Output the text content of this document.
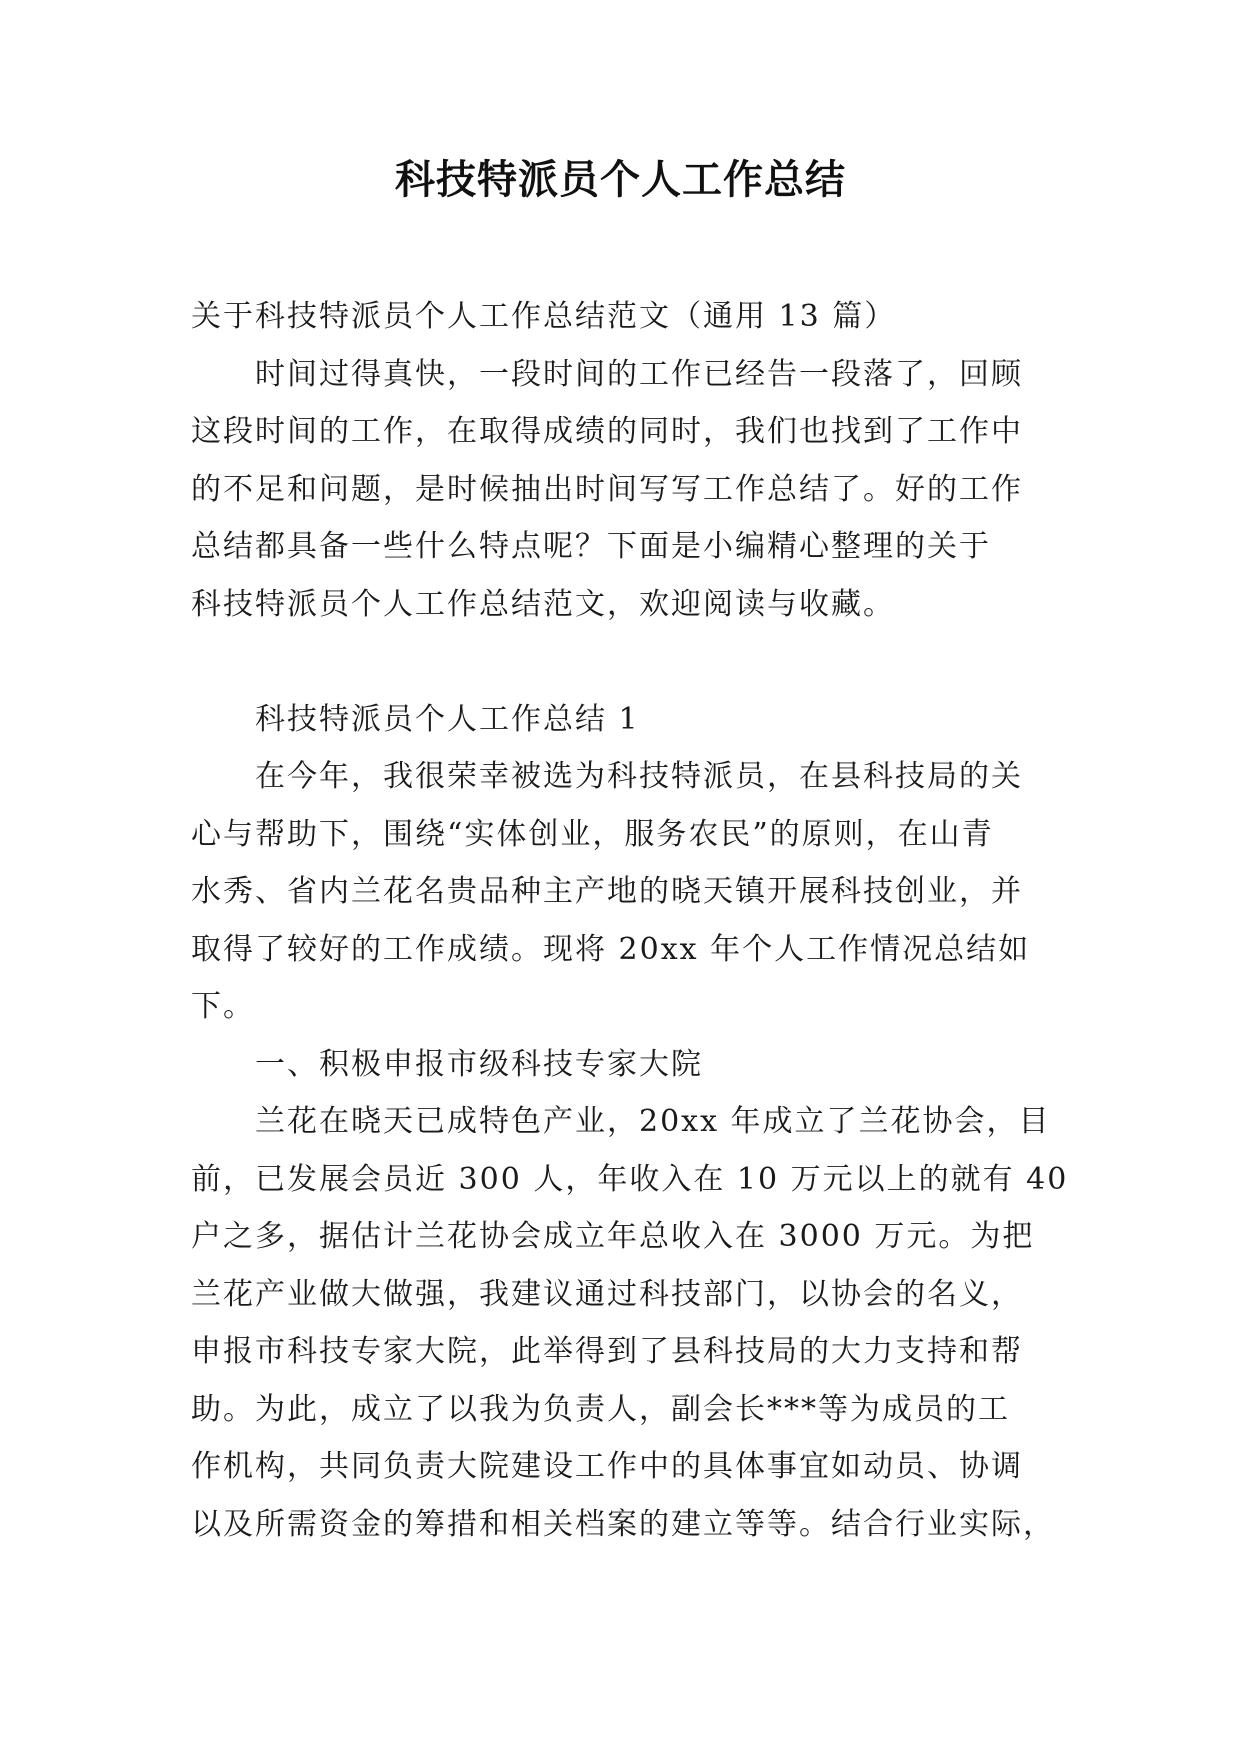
科技特派员个人工作总结
关于科技特派员个人工作总结范文（通用 13 篇）
时间过得真快，一段时间的工作已经告一段落了，回顾
这段时间的工作，在取得成绩的同时，我们也找到了工作中
的不足和问题，是时候抽出时间写写工作总结了。好的工作
总结都具备一些什么特点呢？下面是小编精心整理的关于
科技特派员个人工作总结范文，欢迎阅读与收藏。
科技特派员个人工作总结 1
在今年，我很荣幸被选为科技特派员，在县科技局的关
心与帮助下，围绕“实体创业，服务农民”的原则，在山青
水秀、省内兰花名贵品种主产地的晓天镇开展科技创业，并
取得了较好的工作成绩。现将 20xx 年个人工作情况总结如
下。
一、积极申报市级科技专家大院
兰花在晓天已成特色产业，20xx 年成立了兰花协会，目
前，已发展会员近 300 人，年收入在 10 万元以上的就有 40
户之多，据估计兰花协会成立年总收入在 3000 万元。为把
兰花产业做大做强，我建议通过科技部门，以协会的名义，
申报市科技专家大院，此举得到了县科技局的大力支持和帮
助。为此，成立了以我为负责人，副会长***等为成员的工
作机构，共同负责大院建设工作中的具体事宜如动员、协调
以及所需资金的筹措和相关档案的建立等等。结合行业实际，
